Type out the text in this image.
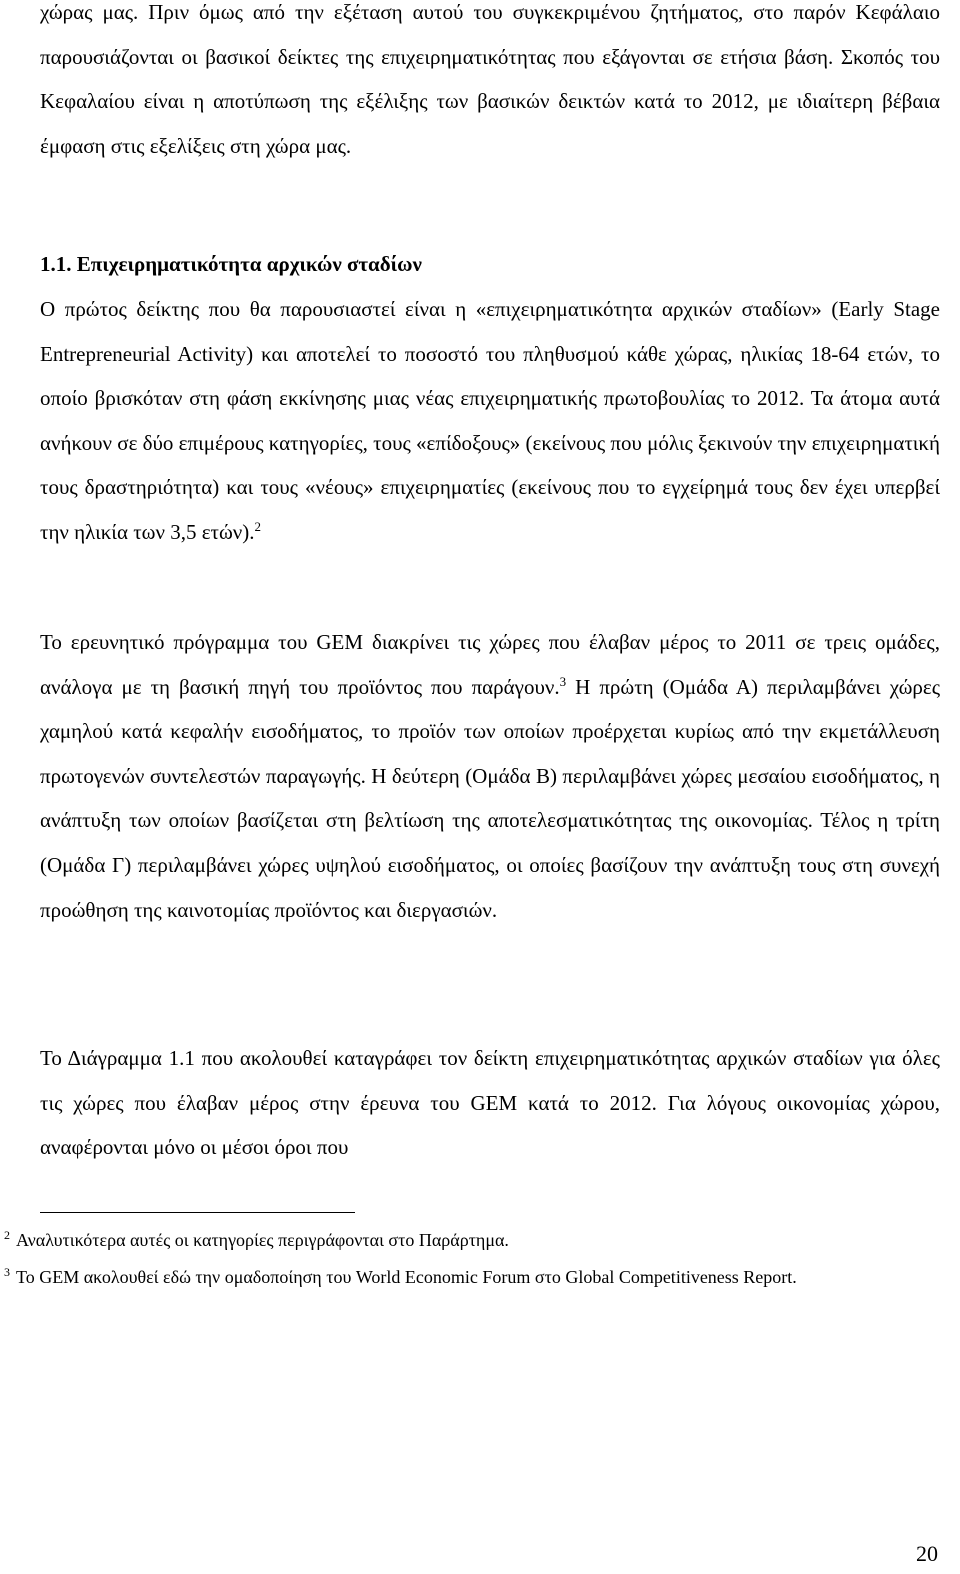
χώρας μας. Πριν όμως από την εξέταση αυτού του συγκεκριμένου ζητήματος, στο παρόν Κεφάλαιο παρουσιάζονται οι βασικοί δείκτες της επιχειρηματικότητας που εξάγονται σε ετήσια βάση. Σκοπός του Κεφαλαίου είναι η αποτύπωση της εξέλιξης των βασικών δεικτών κατά το 2012, με ιδιαίτερη βέβαια έμφαση στις εξελίξεις στη χώρα μας.

1.1. Επιχειρηματικότητα αρχικών σταδίων

Ο πρώτος δείκτης που θα παρουσιαστεί είναι η «επιχειρηματικότητα αρχικών σταδίων» (Early Stage Entrepreneurial Activity) και αποτελεί το ποσοστό του πληθυσμού κάθε χώρας, ηλικίας 18-64 ετών, το οποίο βρισκόταν στη φάση εκκίνησης μιας νέας επιχειρηματικής πρωτοβουλίας το 2012. Τα άτομα αυτά ανήκουν σε δύο επιμέρους κατηγορίες, τους «επίδοξους» (εκείνους που μόλις ξεκινούν την επιχειρηματική τους δραστηριότητα) και τους «νέους» επιχειρηματίες (εκείνους που το εγχείρημά τους δεν έχει υπερβεί την ηλικία των 3,5 ετών).$^2$

Το ερευνητικό πρόγραμμα του GEM διακρίνει τις χώρες που έλαβαν μέρος το 2011 σε τρεις ομάδες, ανάλογα με τη βασική πηγή του προϊόντος που παράγουν.$^3$ Η πρώτη (Ομάδα Α) περιλαμβάνει χώρες χαμηλού κατά κεφαλήν εισοδήματος, το προϊόν των οποίων προέρχεται κυρίως από την εκμετάλλευση πρωτογενών συντελεστών παραγωγής. Η δεύτερη (Ομάδα Β) περιλαμβάνει χώρες μεσαίου εισοδήματος, η ανάπτυξη των οποίων βασίζεται στη βελτίωση της αποτελεσματικότητας της οικονομίας. Τέλος η τρίτη (Ομάδα Γ) περιλαμβάνει χώρες υψηλού εισοδήματος, οι οποίες βασίζουν την ανάπτυξη τους στη συνεχή προώθηση της καινοτομίας προϊόντος και διεργασιών.

Το Διάγραμμα 1.1 που ακολουθεί καταγράφει τον δείκτη επιχειρηματικότητας αρχικών σταδίων για όλες τις χώρες που έλαβαν μέρος στην έρευνα του GEM κατά το 2012. Για λόγους οικονομίας χώρου, αναφέρονται μόνο οι μέσοι όροι που

$^2$ Αναλυτικότερα αυτές οι κατηγορίες περιγράφονται στο Παράρτημα.
$^3$ Το GEM ακολουθεί εδώ την ομαδοποίηση του World Economic Forum στο Global Competitiveness Report.
20
